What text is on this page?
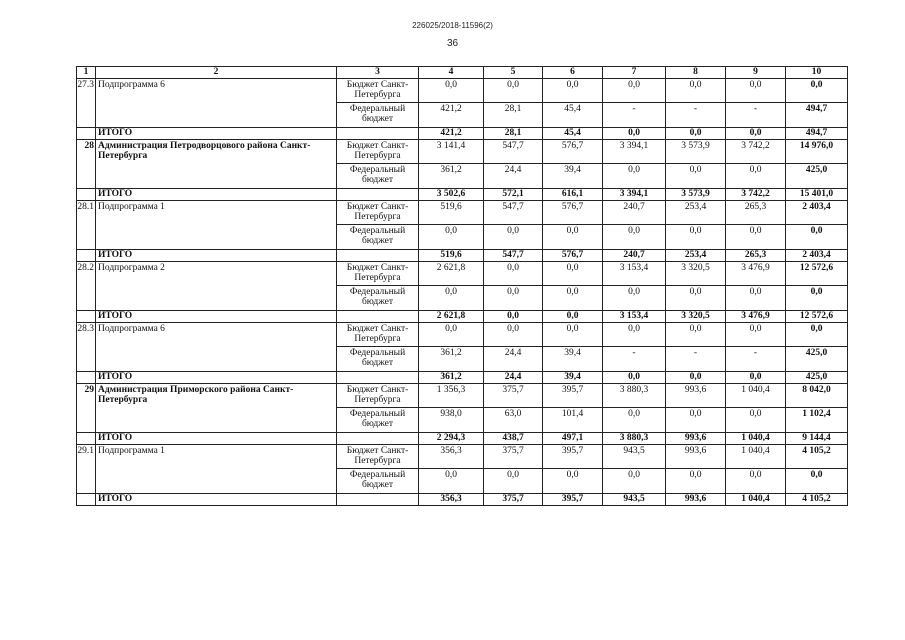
226025/2018-11596(2)
36
1	2	3	4	5	6	7	8	9	10
27.3	Подпрограмма 6	Бюджет Санкт-Петербурга	0,0	0,0	0,0	0,0	0,0	0,0	0,0
		Федеральный бюджет	421,2	28,1	45,4	-	-	-	494,7
	ИТОГО		421,2	28,1	45,4	0,0	0,0	0,0	494,7
28	Администрация Петродворцового района Санкт-Петербурга	Бюджет Санкт-Петербурга	3 141,4	547,7	576,7	3 394,1	3 573,9	3 742,2	14 976,0
		Федеральный бюджет	361,2	24,4	39,4	0,0	0,0	0,0	425,0
	ИТОГО		3 502,6	572,1	616,1	3 394,1	3 573,9	3 742,2	15 401,0
28.1	Подпрограмма 1	Бюджет Санкт-Петербурга	519,6	547,7	576,7	240,7	253,4	265,3	2 403,4
		Федеральный бюджет	0,0	0,0	0,0	0,0	0,0	0,0	0,0
	ИТОГО		519,6	547,7	576,7	240,7	253,4	265,3	2 403,4
28.2	Подпрограмма 2	Бюджет Санкт-Петербурга	2 621,8	0,0	0,0	3 153,4	3 320,5	3 476,9	12 572,6
		Федеральный бюджет	0,0	0,0	0,0	0,0	0,0	0,0	0,0
	ИТОГО		2 621,8	0,0	0,0	3 153,4	3 320,5	3 476,9	12 572,6
28.3	Подпрограмма 6	Бюджет Санкт-Петербурга	0,0	0,0	0,0	0,0	0,0	0,0	0,0
		Федеральный бюджет	361,2	24,4	39,4	-	-	-	425,0
	ИТОГО		361,2	24,4	39,4	0,0	0,0	0,0	425,0
29	Администрация Приморского района Санкт-Петербурга	Бюджет Санкт-Петербурга	1 356,3	375,7	395,7	3 880,3	993,6	1 040,4	8 042,0
		Федеральный бюджет	938,0	63,0	101,4	0,0	0,0	0,0	1 102,4
	ИТОГО		2 294,3	438,7	497,1	3 880,3	993,6	1 040,4	9 144,4
29.1	Подпрограмма 1	Бюджет Санкт-Петербурга	356,3	375,7	395,7	943,5	993,6	1 040,4	4 105,2
		Федеральный бюджет	0,0	0,0	0,0	0,0	0,0	0,0	0,0
	ИТОГО		356,3	375,7	395,7	943,5	993,6	1 040,4	4 105,2
